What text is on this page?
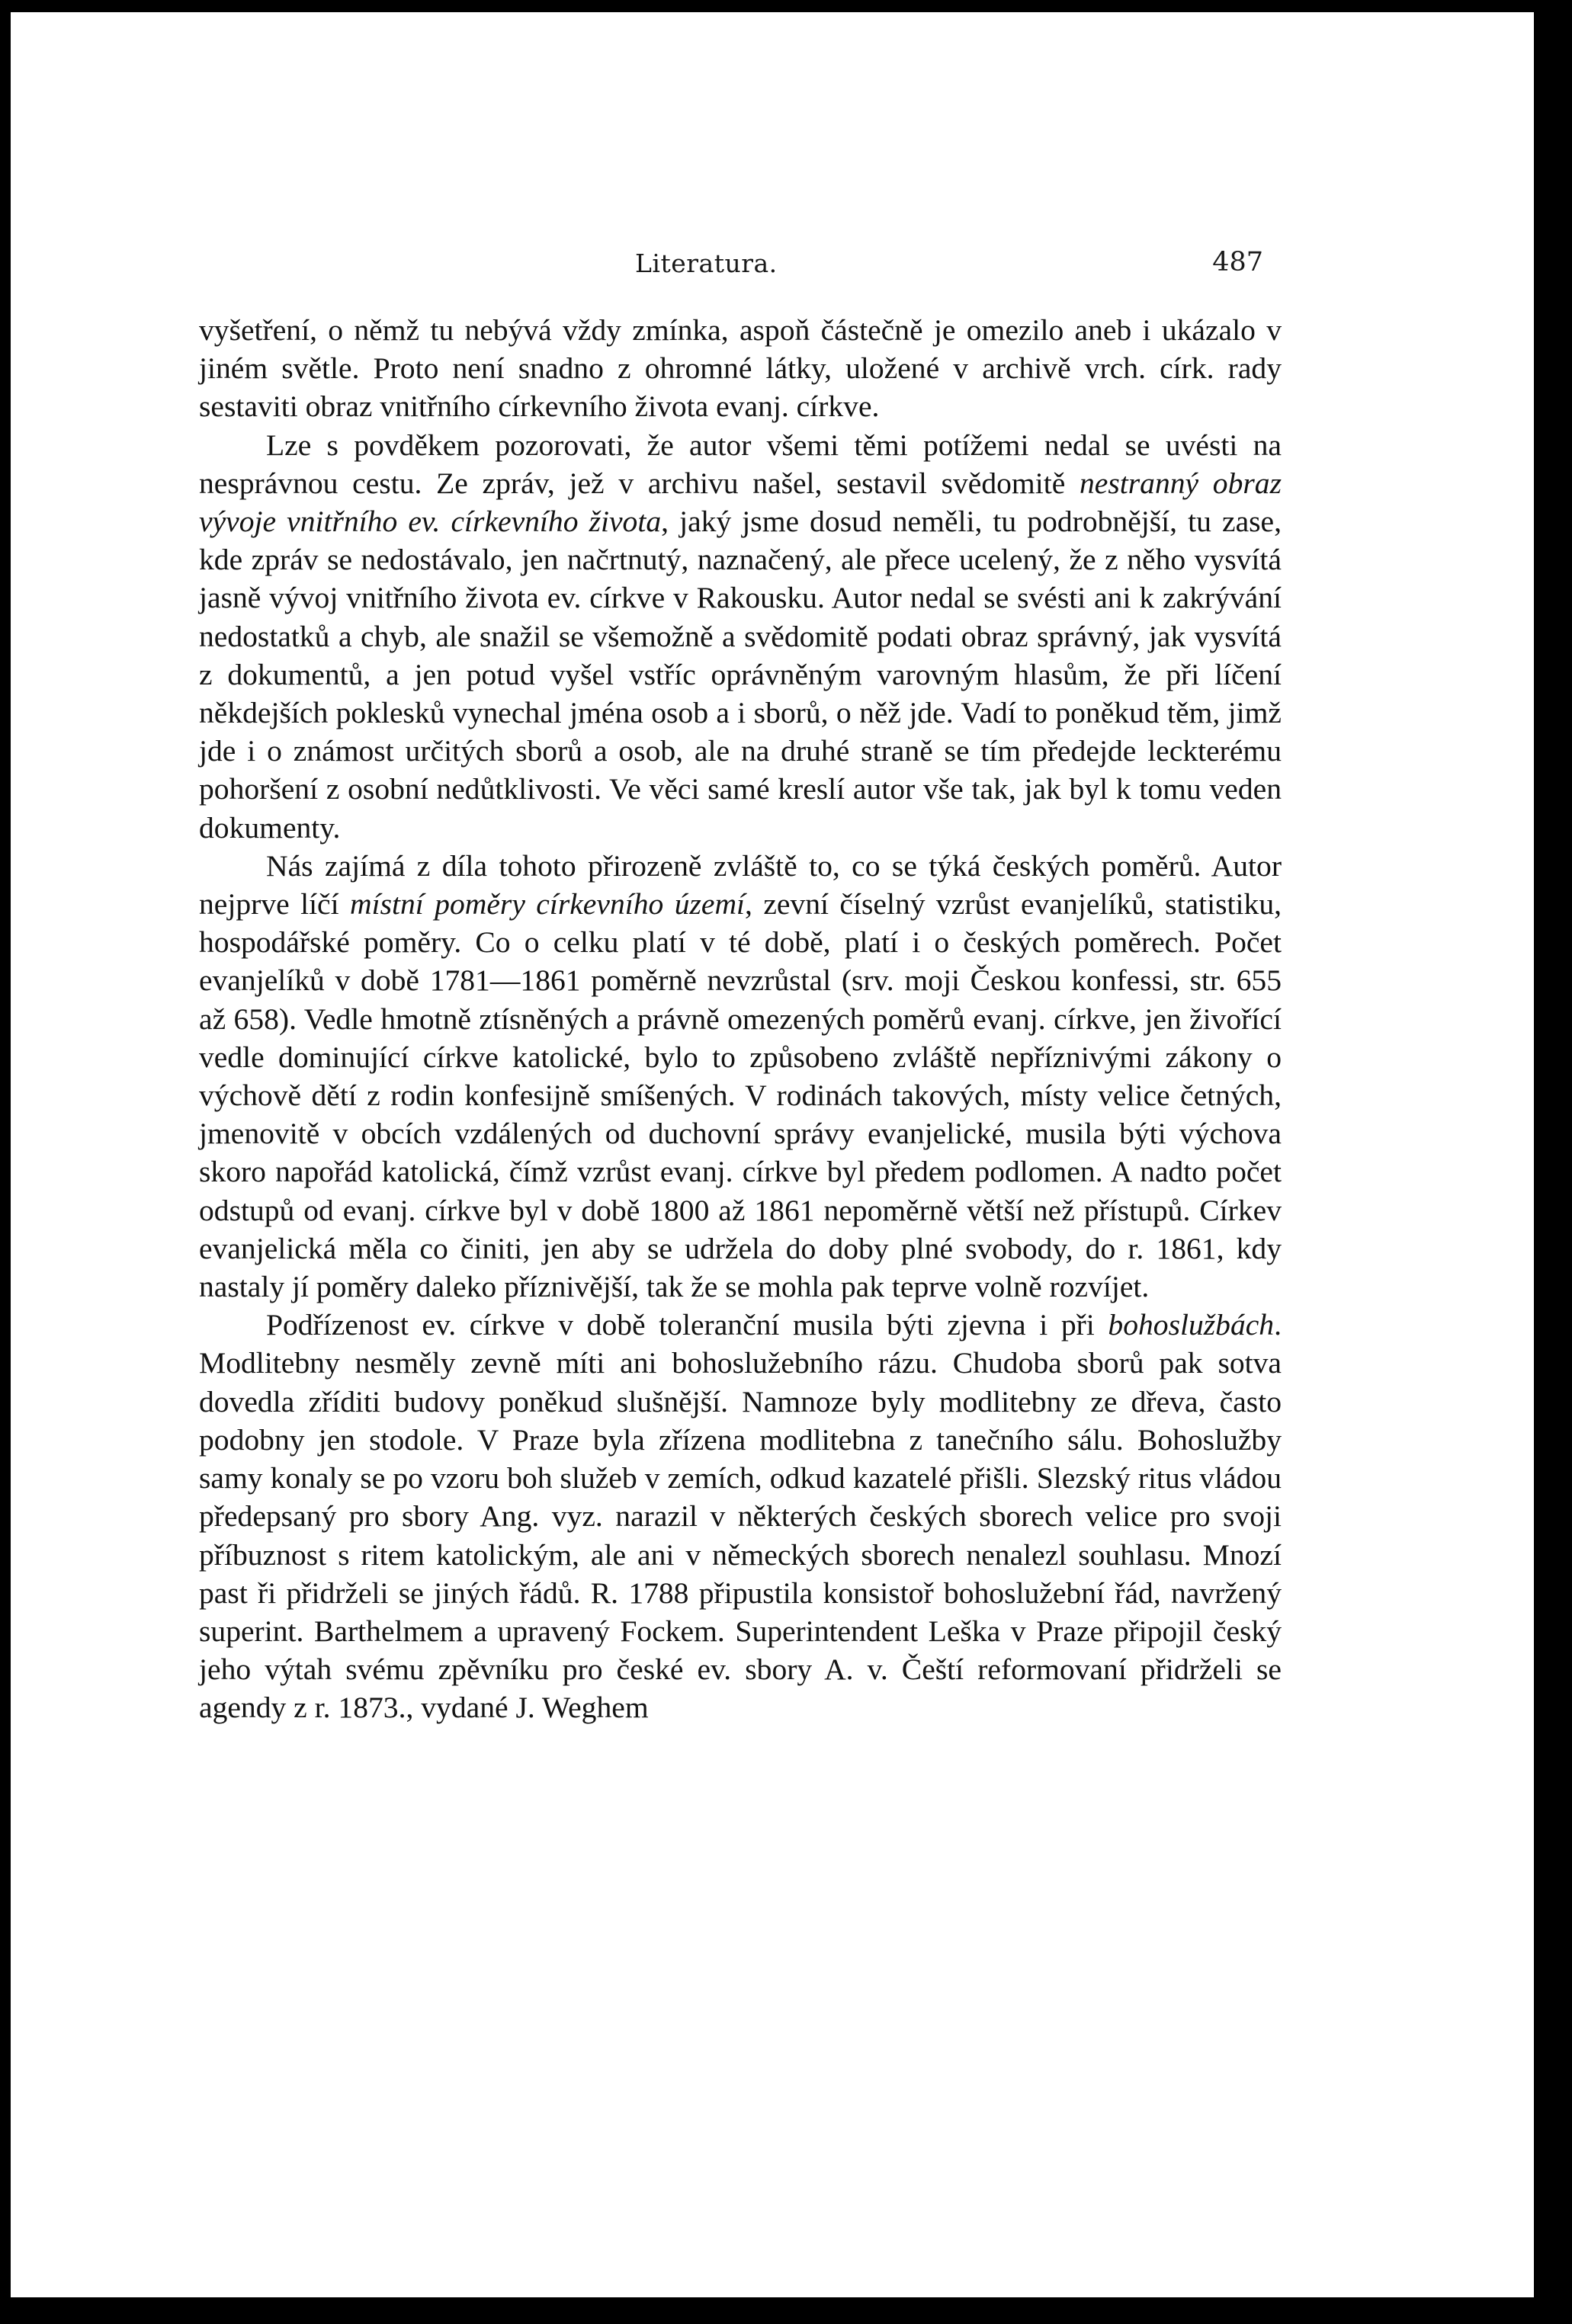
Literatura.	487

vyšetření, o němž tu nebývá vždy zmínka, aspoň částečně je omezilo aneb i ukázalo v jiném světle. Proto není snadno z ohromné látky, uložené v archivě vrch. círk. rady sestaviti obraz vnitřního církevního života evanj. církve.

Lze s povděkem pozorovati, že autor všemi těmi potížemi nedal se uvésti na nesprávnou cestu. Ze zpráv, jež v archivu našel, sestavil svědomitě nestranný obraz vývoje vnitřního ev. církevního života, jaký jsme dosud neměli, tu podrobnější, tu zase, kde zpráv se nedostávalo, jen načrtnutý, naznačený, ale přece ucelený, že z něho vysvítá jasně vývoj vnitřního života ev. církve v Rakousku. Autor nedal se svésti ani k zakrývání nedostatků a chyb, ale snažil se všemožně a svědomitě podati obraz správný, jak vysvítá z dokumentů, a jen potud vyšel vstříc oprávněným varovným hlasům, že při líčení někdejších poklesků vynechal jména osob a i sborů, o něž jde. Vadí to poněkud těm, jimž jde i o známost určitých sborů a osob, ale na druhé straně se tím předejde leckterému pohoršení z osobní nedůtklivosti. Ve věci samé kreslí autor vše tak, jak byl k tomu veden dokumenty.

Nás zajímá z díla tohoto přirozeně zvláště to, co se týká českých poměrů. Autor nejprve líčí místní poměry církevního území, zevní číselný vzrůst evanjelíků, statistiku, hospodářské poměry. Co o celku platí v té době, platí i o českých poměrech. Počet evanjelíků v době 1781—1861 poměrně nevzrůstal (srv. moji Českou konfessi, str. 655 až 658). Vedle hmotně ztísněných a právně omezených poměrů evanj. církve, jen živořící vedle dominující církve katolické, bylo to způsobeno zvláště nepříznivými zákony o výchově dětí z rodin konfesijně smíšených. V rodinách takových, místy velice četných, jmenovitě v obcích vzdálených od duchovní správy evanjelické, musila býti výchova skoro napořád katolická, čímž vzrůst evanj. církve byl předem podlomen. A nadto počet odstupů od evanj. církve byl v době 1800 až 1861 nepoměrně větší než přístupů. Církev evanjelická měla co činiti, jen aby se udržela do doby plné svobody, do r. 1861, kdy nastaly jí poměry daleko příznivější, tak že se mohla pak teprve volně rozvíjet.

Podřízenost ev. církve v době toleranční musila býti zjevna i při bohoslužbách. Modlitebny nesměly zevně míti ani bohoslužebního rázu. Chudoba sborů pak sotva dovedla zříditi budovy poněkud slušnější. Namnoze byly modlitebny ze dřeva, často podobny jen stodole. V Praze byla zřízena modlitebna z tanečního sálu. Bohoslužby samy konaly se po vzoru boh služeb v zemích, odkud kazatelé přišli. Slezský ritus vládou předepsaný pro sbory Ang. vyz. narazil v některých českých sborech velice pro svoji příbuznost s ritem katolickým, ale ani v německých sborech nenalezl souhlasu. Mnozí past ři přidrželi se jiných řádů. R. 1788 připustila konsistoř bohoslužební řád, navržený superint. Barthelmem a upravený Fockem. Superintendent Leška v Praze připojil český jeho výtah svému zpěvníku pro české ev. sbory A. v. Čeští reformovaní přidrželi se agendy z r. 1873., vydané J. Weghem
